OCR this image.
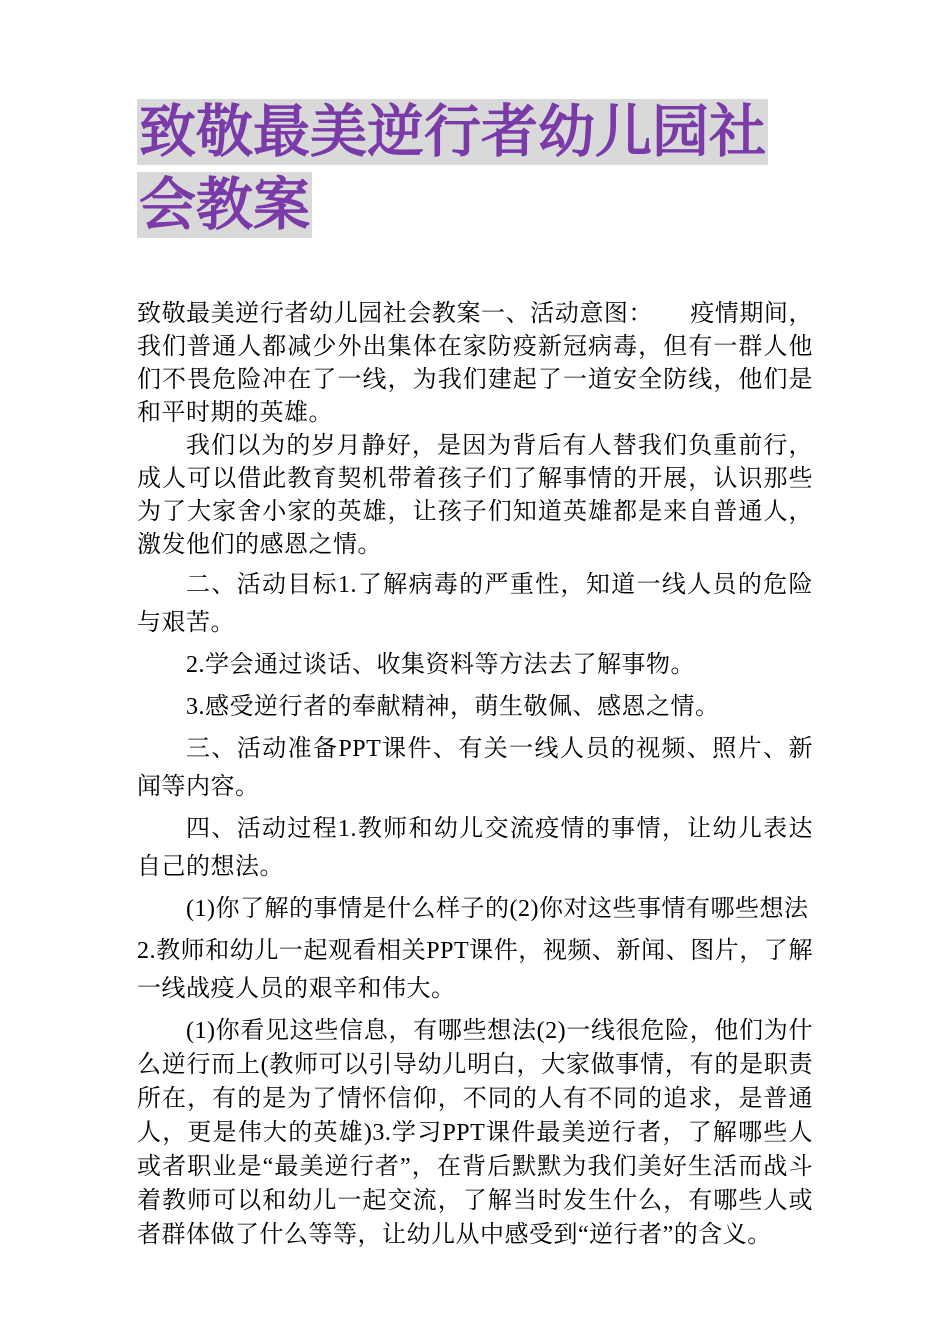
致敬最美逆行者幼儿园社会教案

致敬最美逆行者幼儿园社会教案一、活动意图：　　疫情期间，我们普通人都减少外出集体在家防疫新冠病毒，但有一群人他们不畏危险冲在了一线，为我们建起了一道安全防线，他们是和平时期的英雄。

我们以为的岁月静好，是因为背后有人替我们负重前行，成人可以借此教育契机带着孩子们了解事情的开展，认识那些为了大家舍小家的英雄，让孩子们知道英雄都是来自普通人，激发他们的感恩之情。

二、活动目标1.了解病毒的严重性，知道一线人员的危险与艰苦。

2.学会通过谈话、收集资料等方法去了解事物。

3.感受逆行者的奉献精神，萌生敬佩、感恩之情。

三、活动准备PPT课件、有关一线人员的视频、照片、新闻等内容。

四、活动过程1.教师和幼儿交流疫情的事情，让幼儿表达自己的想法。

(1)你了解的事情是什么样子的(2)你对这些事情有哪些想法

2.教师和幼儿一起观看相关PPT课件，视频、新闻、图片，了解一线战疫人员的艰辛和伟大。

(1)你看见这些信息，有哪些想法(2)一线很危险，他们为什么逆行而上(教师可以引导幼儿明白，大家做事情，有的是职责所在，有的是为了情怀信仰，不同的人有不同的追求，是普通人，更是伟大的英雄)3.学习PPT课件最美逆行者，了解哪些人或者职业是“最美逆行者”，在背后默默为我们美好生活而战斗着教师可以和幼儿一起交流，了解当时发生什么，有哪些人或者群体做了什么等等，让幼儿从中感受到“逆行者”的含义。
